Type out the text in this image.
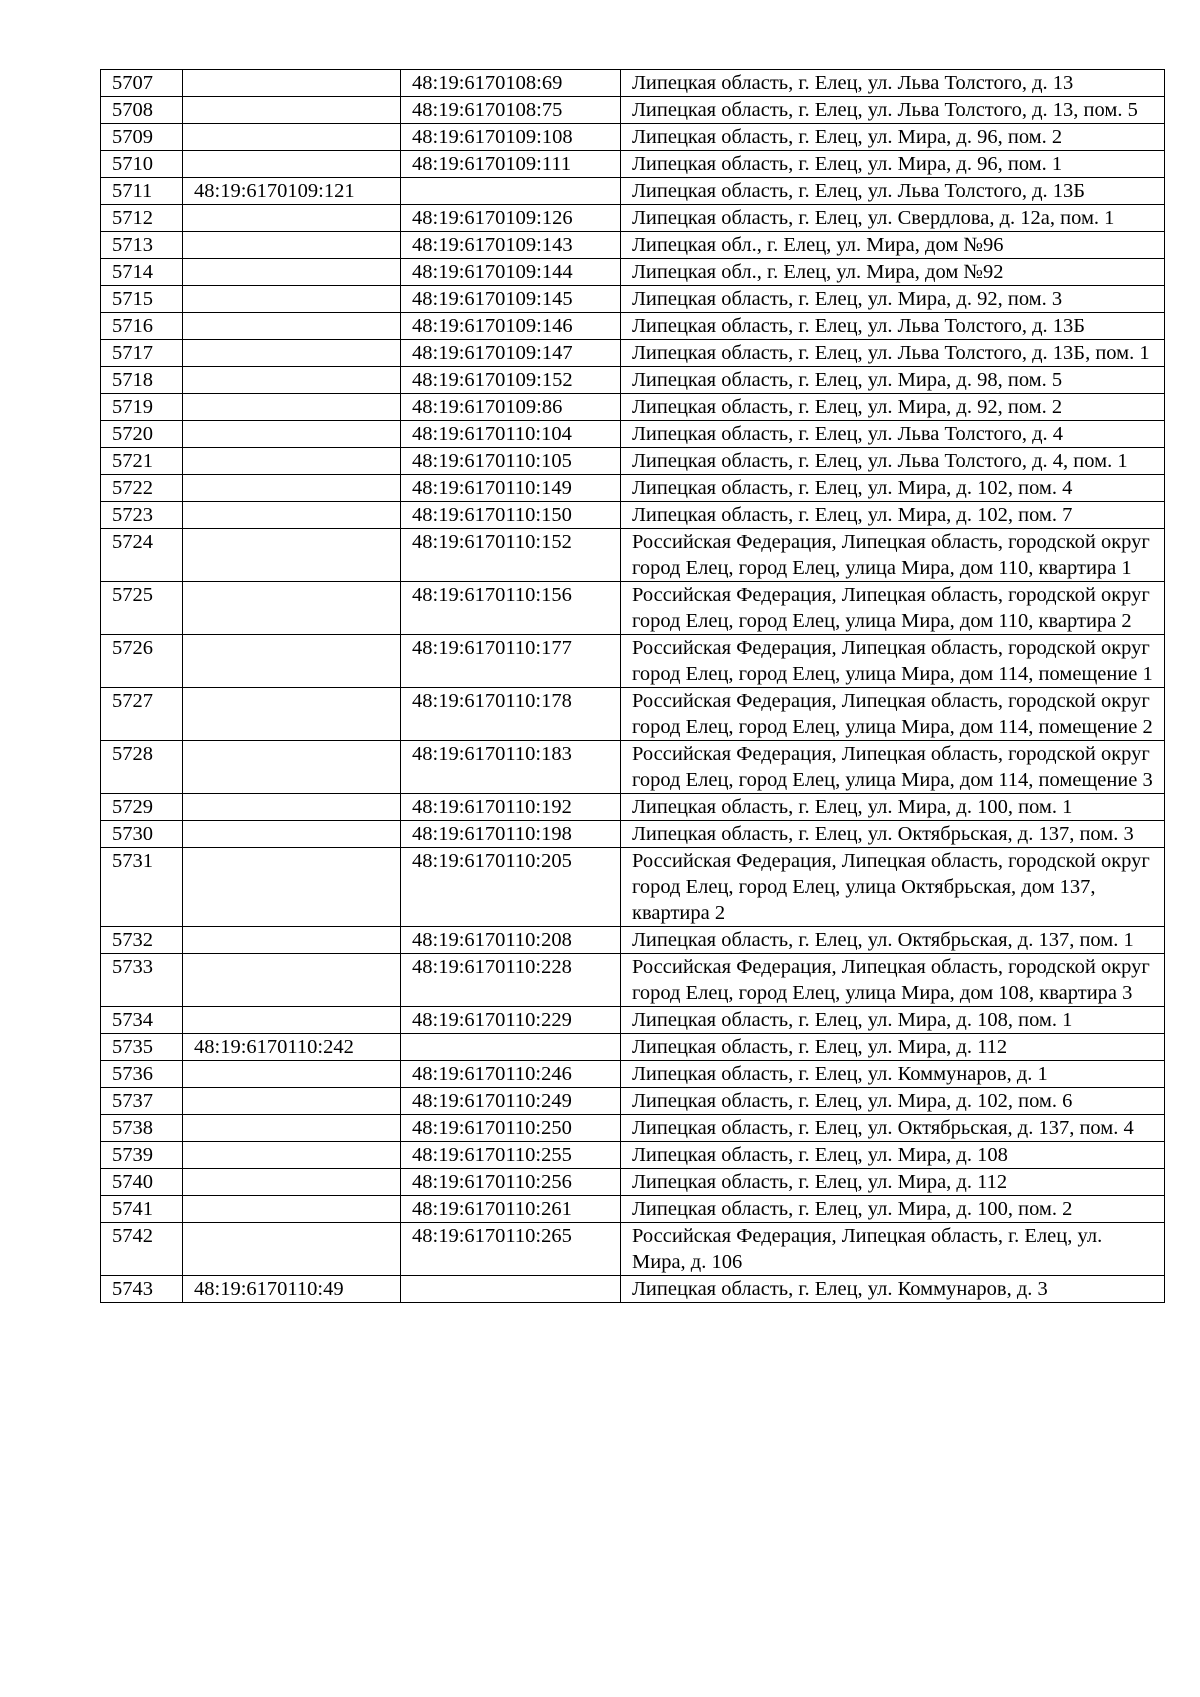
5707		48:19:6170108:69	Липецкая область, г. Елец, ул. Льва Толстого, д. 13
5708		48:19:6170108:75	Липецкая область, г. Елец, ул. Льва Толстого, д. 13, пом. 5
5709		48:19:6170109:108	Липецкая область, г. Елец, ул. Мира, д. 96, пом. 2
5710		48:19:6170109:111	Липецкая область, г. Елец, ул. Мира, д. 96, пом. 1
5711	48:19:6170109:121		Липецкая область, г. Елец, ул. Льва Толстого, д. 13Б
5712		48:19:6170109:126	Липецкая область, г. Елец, ул. Свердлова, д. 12а, пом. 1
5713		48:19:6170109:143	Липецкая обл., г. Елец, ул. Мира, дом №96
5714		48:19:6170109:144	Липецкая обл., г. Елец, ул. Мира, дом №92
5715		48:19:6170109:145	Липецкая область, г. Елец, ул. Мира, д. 92, пом. 3
5716		48:19:6170109:146	Липецкая область, г. Елец, ул. Льва Толстого, д. 13Б
5717		48:19:6170109:147	Липецкая область, г. Елец, ул. Льва Толстого, д. 13Б, пом. 1
5718		48:19:6170109:152	Липецкая область, г. Елец, ул. Мира, д. 98, пом. 5
5719		48:19:6170109:86	Липецкая область, г. Елец, ул. Мира, д. 92, пом. 2
5720		48:19:6170110:104	Липецкая область, г. Елец, ул. Льва Толстого, д. 4
5721		48:19:6170110:105	Липецкая область, г. Елец, ул. Льва Толстого, д. 4, пом. 1
5722		48:19:6170110:149	Липецкая область, г. Елец, ул. Мира, д. 102, пом. 4
5723		48:19:6170110:150	Липецкая область, г. Елец, ул. Мира, д. 102, пом. 7
5724		48:19:6170110:152	Российская Федерация, Липецкая область, городской округ город Елец, город Елец, улица Мира, дом 110, квартира 1
5725		48:19:6170110:156	Российская Федерация, Липецкая область, городской округ город Елец, город Елец, улица Мира, дом 110, квартира 2
5726		48:19:6170110:177	Российская Федерация, Липецкая область, городской округ город Елец, город Елец, улица Мира, дом 114, помещение 1
5727		48:19:6170110:178	Российская Федерация, Липецкая область, городской округ город Елец, город Елец, улица Мира, дом 114, помещение 2
5728		48:19:6170110:183	Российская Федерация, Липецкая область, городской округ город Елец, город Елец, улица Мира, дом 114, помещение 3
5729		48:19:6170110:192	Липецкая область, г. Елец, ул. Мира, д. 100, пом. 1
5730		48:19:6170110:198	Липецкая область, г. Елец, ул. Октябрьская, д. 137, пом. 3
5731		48:19:6170110:205	Российская Федерация, Липецкая область, городской округ город Елец, город Елец, улица Октябрьская, дом 137, квартира 2
5732		48:19:6170110:208	Липецкая область, г. Елец, ул. Октябрьская, д. 137, пом. 1
5733		48:19:6170110:228	Российская Федерация, Липецкая область, городской округ город Елец, город Елец, улица Мира, дом 108, квартира 3
5734		48:19:6170110:229	Липецкая область, г. Елец, ул. Мира, д. 108, пом. 1
5735	48:19:6170110:242		Липецкая область, г. Елец, ул. Мира, д. 112
5736		48:19:6170110:246	Липецкая область, г. Елец, ул. Коммунаров, д. 1
5737		48:19:6170110:249	Липецкая область, г. Елец, ул. Мира, д. 102, пом. 6
5738		48:19:6170110:250	Липецкая область, г. Елец, ул. Октябрьская, д. 137, пом. 4
5739		48:19:6170110:255	Липецкая область, г. Елец, ул. Мира, д. 108
5740		48:19:6170110:256	Липецкая область, г. Елец, ул. Мира, д. 112
5741		48:19:6170110:261	Липецкая область, г. Елец, ул. Мира, д. 100, пом. 2
5742		48:19:6170110:265	Российская Федерация, Липецкая область, г. Елец, ул. Мира, д. 106
5743	48:19:6170110:49		Липецкая область, г. Елец, ул. Коммунаров, д. 3
